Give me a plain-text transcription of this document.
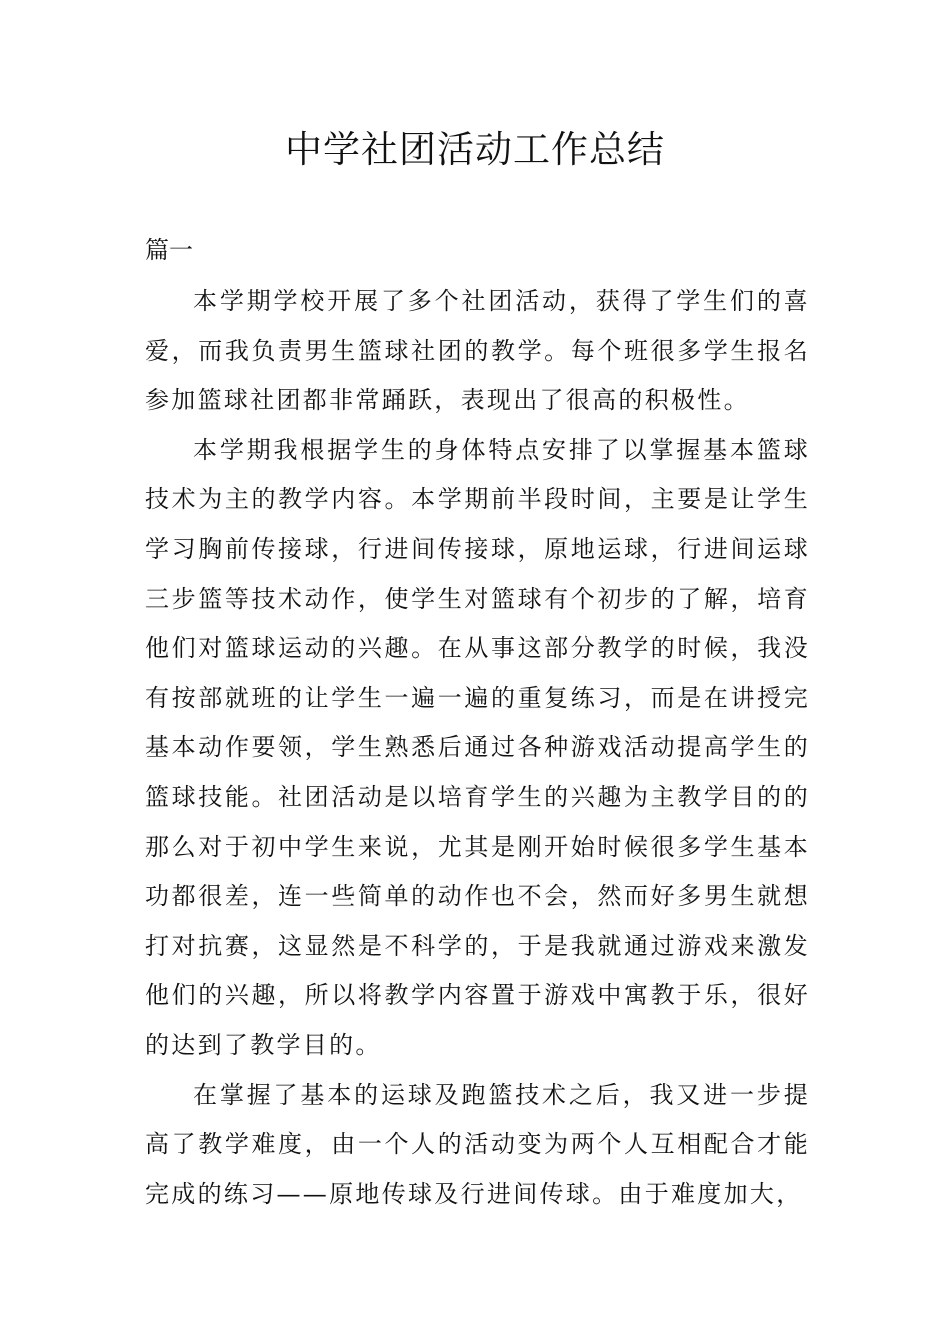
中学社团活动工作总结

篇一

本学期学校开展了多个社团活动，获得了学生们的喜爱，而我负责男生篮球社团的教学。每个班很多学生报名参加篮球社团都非常踊跃，表现出了很高的积极性。

本学期我根据学生的身体特点安排了以掌握基本篮球技术为主的教学内容。本学期前半段时间，主要是让学生学习胸前传接球，行进间传接球，原地运球，行进间运球三步篮等技术动作，使学生对篮球有个初步的了解，培育他们对篮球运动的兴趣。在从事这部分教学的时候，我没有按部就班的让学生一遍一遍的重复练习，而是在讲授完基本动作要领，学生熟悉后通过各种游戏活动提高学生的篮球技能。社团活动是以培育学生的兴趣为主教学目的的那么对于初中学生来说，尤其是刚开始时候很多学生基本功都很差，连一些简单的动作也不会，然而好多男生就想打对抗赛，这显然是不科学的，于是我就通过游戏来激发他们的兴趣，所以将教学内容置于游戏中寓教于乐，很好的达到了教学目的。

在掌握了基本的运球及跑篮技术之后，我又进一步提高了教学难度，由一个人的活动变为两个人互相配合才能完成的练习——原地传球及行进间传球。由于难度加大，
